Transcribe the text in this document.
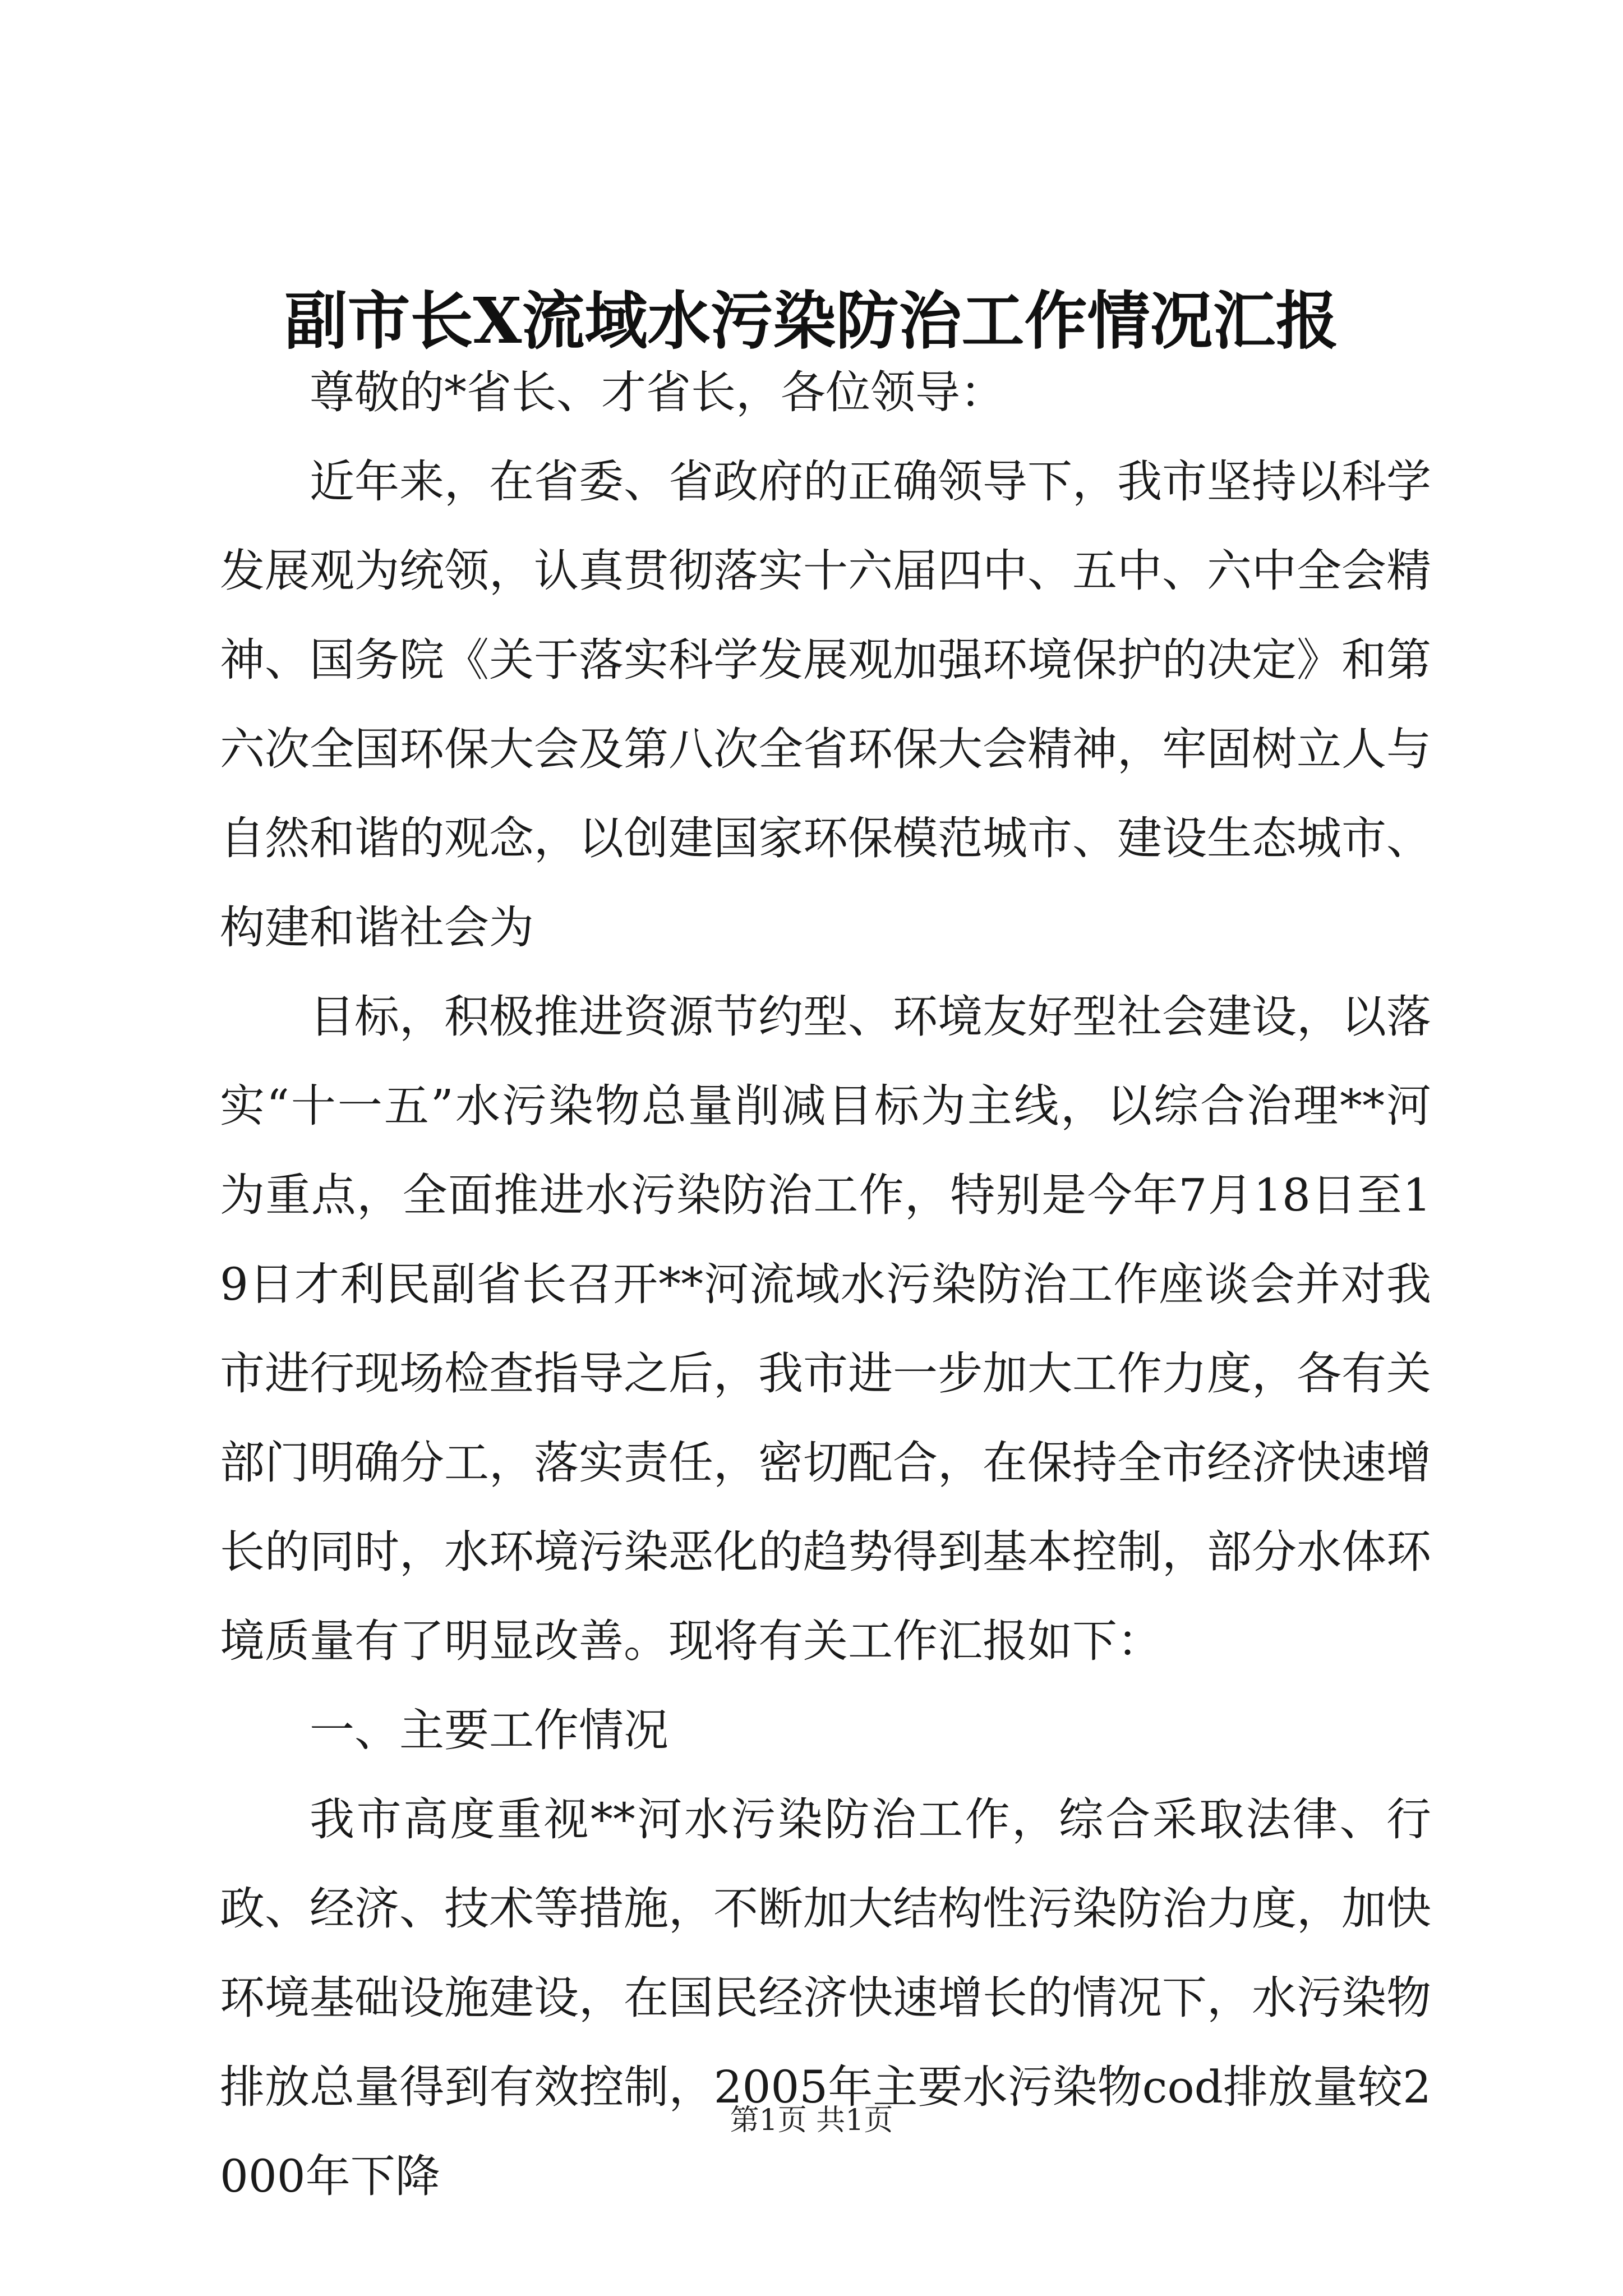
副市长X流域水污染防治工作情况汇报

尊敬的*省长、才省长，各位领导：

近年来，在省委、省政府的正确领导下，我市坚持以科学发展观为统领，认真贯彻落实十六届四中、五中、六中全会精神、国务院《关于落实科学发展观加强环境保护的决定》和第六次全国环保大会及第八次全省环保大会精神，牢固树立人与自然和谐的观念，以创建国家环保模范城市、建设生态城市、构建和谐社会为

目标，积极推进资源节约型、环境友好型社会建设，以落实“十一五”水污染物总量削减目标为主线，以综合治理**河为重点，全面推进水污染防治工作，特别是今年7月18日至19日才利民副省长召开**河流域水污染防治工作座谈会并对我市进行现场检查指导之后，我市进一步加大工作力度，各有关部门明确分工，落实责任，密切配合，在保持全市经济快速增长的同时，水环境污染恶化的趋势得到基本控制，部分水体环境质量有了明显改善。现将有关工作汇报如下：

一、主要工作情况

我市高度重视**河水污染防治工作，综合采取法律、行政、经济、技术等措施，不断加大结构性污染防治力度，加快环境基础设施建设，在国民经济快速增长的情况下，水污染物排放总量得到有效控制，2005年主要水污染物cod排放量较2000年下降

第1页 共1页
